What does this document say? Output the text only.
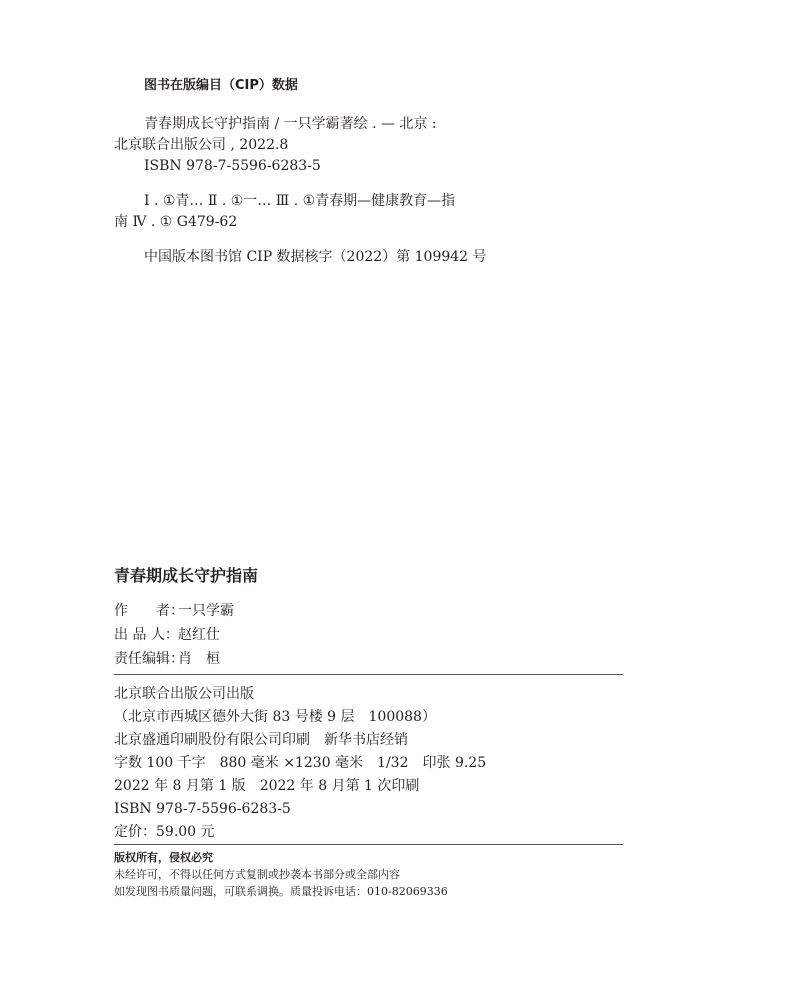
图书在版编目（CIP）数据
青春期成长守护指南 / 一只学霸著绘 . — 北京 :
北京联合出版公司 , 2022.8
ISBN 978-7-5596-6283-5
Ⅰ . ①青… Ⅱ . ①一… Ⅲ . ①青春期—健康教育—指
南 Ⅳ . ① G479-62
中国版本图书馆 CIP 数据核字（2022）第 109942 号
青春期成长守护指南
作　　者：一只学霸
出 品 人：赵红仕
责任编辑：肖　桓
北京联合出版公司出版
（北京市西城区德外大街 83 号楼 9 层　100088）
北京盛通印刷股份有限公司印刷　新华书店经销
字数 100 千字　880 毫米 ×1230 毫米　1/32　印张 9.25
2022 年 8 月第 1 版　2022 年 8 月第 1 次印刷
ISBN 978-7-5596-6283-5
定价：59.00 元
版权所有，侵权必究
未经许可，不得以任何方式复制或抄袭本书部分或全部内容
如发现图书质量问题，可联系调换。质量投诉电话：010-82069336
